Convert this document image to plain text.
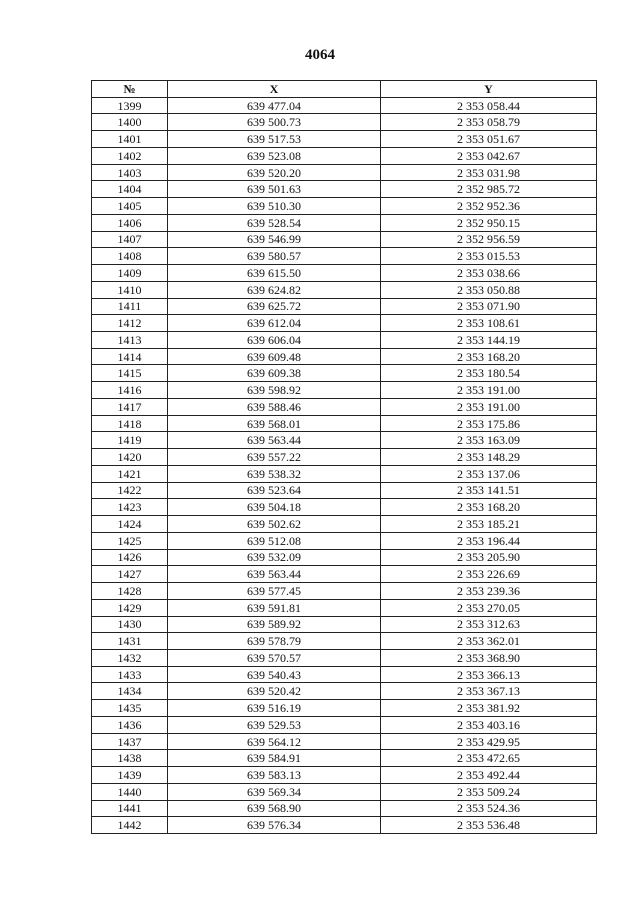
4064
№	X	Y
1399	639 477.04	2 353 058.44
1400	639 500.73	2 353 058.79
1401	639 517.53	2 353 051.67
1402	639 523.08	2 353 042.67
1403	639 520.20	2 353 031.98
1404	639 501.63	2 352 985.72
1405	639 510.30	2 352 952.36
1406	639 528.54	2 352 950.15
1407	639 546.99	2 352 956.59
1408	639 580.57	2 353 015.53
1409	639 615.50	2 353 038.66
1410	639 624.82	2 353 050.88
1411	639 625.72	2 353 071.90
1412	639 612.04	2 353 108.61
1413	639 606.04	2 353 144.19
1414	639 609.48	2 353 168.20
1415	639 609.38	2 353 180.54
1416	639 598.92	2 353 191.00
1417	639 588.46	2 353 191.00
1418	639 568.01	2 353 175.86
1419	639 563.44	2 353 163.09
1420	639 557.22	2 353 148.29
1421	639 538.32	2 353 137.06
1422	639 523.64	2 353 141.51
1423	639 504.18	2 353 168.20
1424	639 502.62	2 353 185.21
1425	639 512.08	2 353 196.44
1426	639 532.09	2 353 205.90
1427	639 563.44	2 353 226.69
1428	639 577.45	2 353 239.36
1429	639 591.81	2 353 270.05
1430	639 589.92	2 353 312.63
1431	639 578.79	2 353 362.01
1432	639 570.57	2 353 368.90
1433	639 540.43	2 353 366.13
1434	639 520.42	2 353 367.13
1435	639 516.19	2 353 381.92
1436	639 529.53	2 353 403.16
1437	639 564.12	2 353 429.95
1438	639 584.91	2 353 472.65
1439	639 583.13	2 353 492.44
1440	639 569.34	2 353 509.24
1441	639 568.90	2 353 524.36
1442	639 576.34	2 353 536.48
